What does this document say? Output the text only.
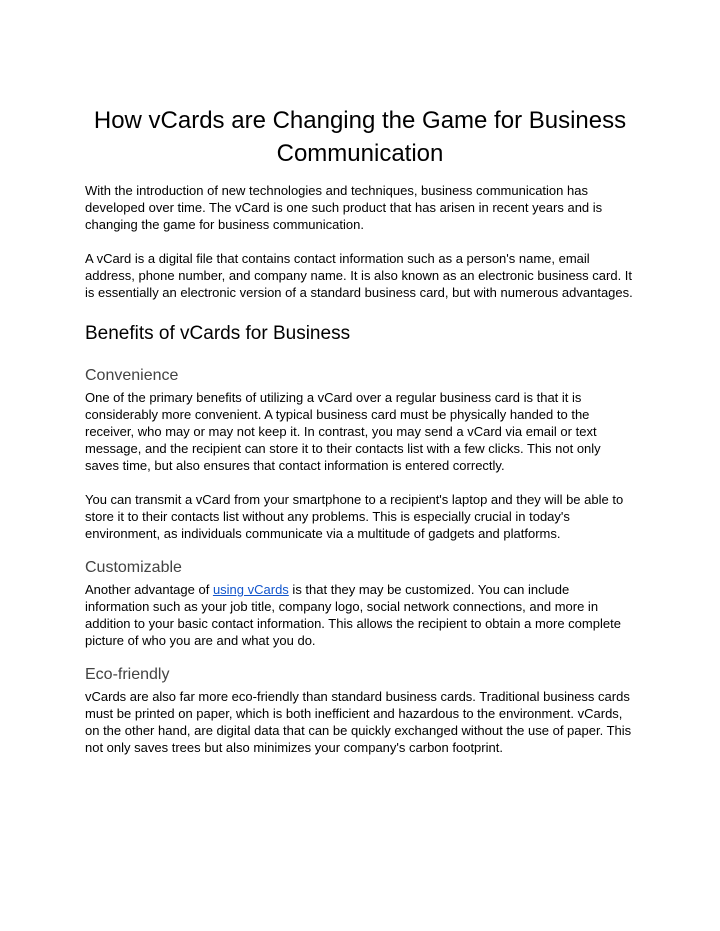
How vCards are Changing the Game for Business Communication

With the introduction of new technologies and techniques, business communication has developed over time. The vCard is one such product that has arisen in recent years and is changing the game for business communication.

A vCard is a digital file that contains contact information such as a person's name, email address, phone number, and company name. It is also known as an electronic business card. It is essentially an electronic version of a standard business card, but with numerous advantages.

Benefits of vCards for Business
Convenience

One of the primary benefits of utilizing a vCard over a regular business card is that it is considerably more convenient. A typical business card must be physically handed to the receiver, who may or may not keep it. In contrast, you may send a vCard via email or text message, and the recipient can store it to their contacts list with a few clicks. This not only saves time, but also ensures that contact information is entered correctly.

You can transmit a vCard from your smartphone to a recipient's laptop and they will be able to store it to their contacts list without any problems. This is especially crucial in today's environment, as individuals communicate via a multitude of gadgets and platforms.

Customizable

Another advantage of using vCards is that they may be customized. You can include information such as your job title, company logo, social network connections, and more in addition to your basic contact information. This allows the recipient to obtain a more complete picture of who you are and what you do.

Eco-friendly

vCards are also far more eco-friendly than standard business cards. Traditional business cards must be printed on paper, which is both inefficient and hazardous to the environment. vCards, on the other hand, are digital data that can be quickly exchanged without the use of paper. This not only saves trees but also minimizes your company's carbon footprint.
